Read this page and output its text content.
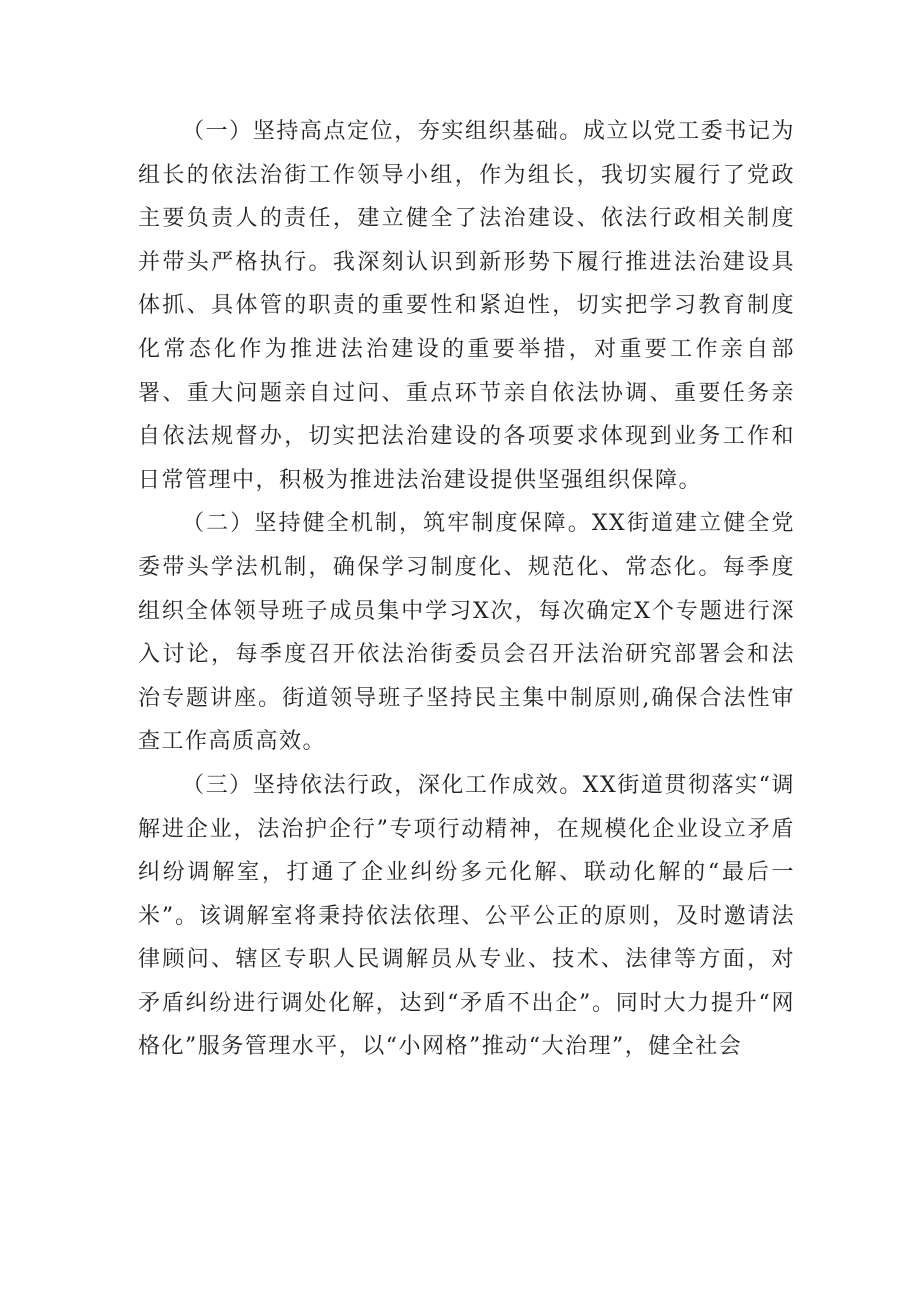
（一）坚持高点定位，夯实组织基础。成立以党工委书记为组长的依法治街工作领导小组，作为组长，我切实履行了党政主要负责人的责任，建立健全了法治建设、依法行政相关制度并带头严格执行。我深刻认识到新形势下履行推进法治建设具体抓、具体管的职责的重要性和紧迫性，切实把学习教育制度化常态化作为推进法治建设的重要举措，对重要工作亲自部署、重大问题亲自过问、重点环节亲自依法协调、重要任务亲自依法规督办，切实把法治建设的各项要求体现到业务工作和日常管理中，积极为推进法治建设提供坚强组织保障。

（二）坚持健全机制，筑牢制度保障。XX街道建立健全党委带头学法机制，确保学习制度化、规范化、常态化。每季度组织全体领导班子成员集中学习X次，每次确定X个专题进行深入讨论，每季度召开依法治街委员会召开法治研究部署会和法治专题讲座。街道领导班子坚持民主集中制原则,确保合法性审查工作高质高效。

（三）坚持依法行政，深化工作成效。XX街道贯彻落实“调解进企业，法治护企行”专项行动精神，在规模化企业设立矛盾纠纷调解室，打通了企业纠纷多元化解、联动化解的“最后一米”。该调解室将秉持依法依理、公平公正的原则，及时邀请法律顾问、辖区专职人民调解员从专业、技术、法律等方面，对矛盾纠纷进行调处化解，达到“矛盾不出企”。同时大力提升“网格化”服务管理水平，以“小网格”推动“大治理”，健全社会
